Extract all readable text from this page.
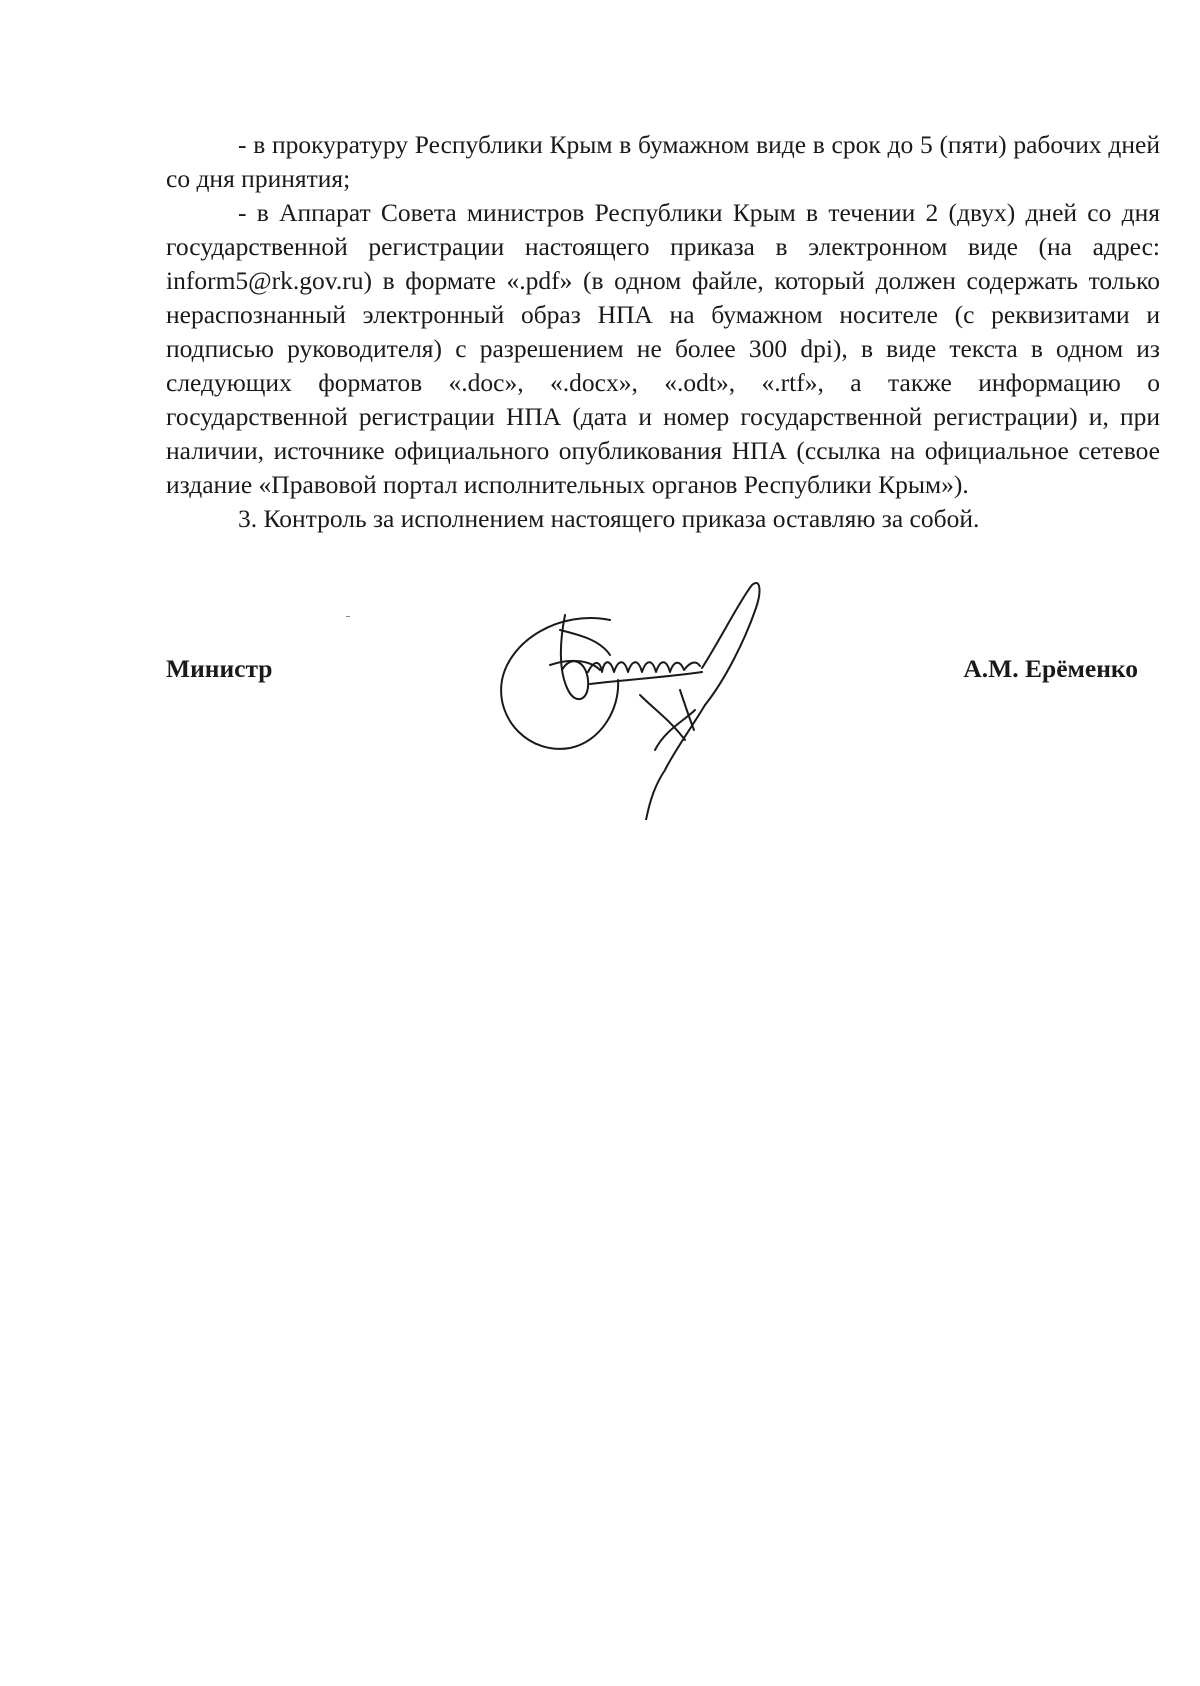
- в прокуратуру Республики Крым в бумажном виде в срок до 5 (пяти) рабочих дней со дня принятия;

- в Аппарат Совета министров Республики Крым в течении 2 (двух) дней со дня государственной регистрации настоящего приказа в электронном виде (на адрес: inform5@rk.gov.ru) в формате «.pdf» (в одном файле, который должен содержать только нераспознанный электронный образ НПА на бумажном носителе (с реквизитами и подписью руководителя) с разрешением не более 300 dpi), в виде текста в одном из следующих форматов «.doc», «.docx», «.odt», «.rtf», а также информацию о государственной регистрации НПА (дата и номер государственной регистрации) и, при наличии, источнике официального опубликования НПА (ссылка на официальное сетевое издание «Правовой портал исполнительных органов Республики Крым»).

3. Контроль за исполнением настоящего приказа оставляю за собой.

Министр	А.М. Ерёменко
